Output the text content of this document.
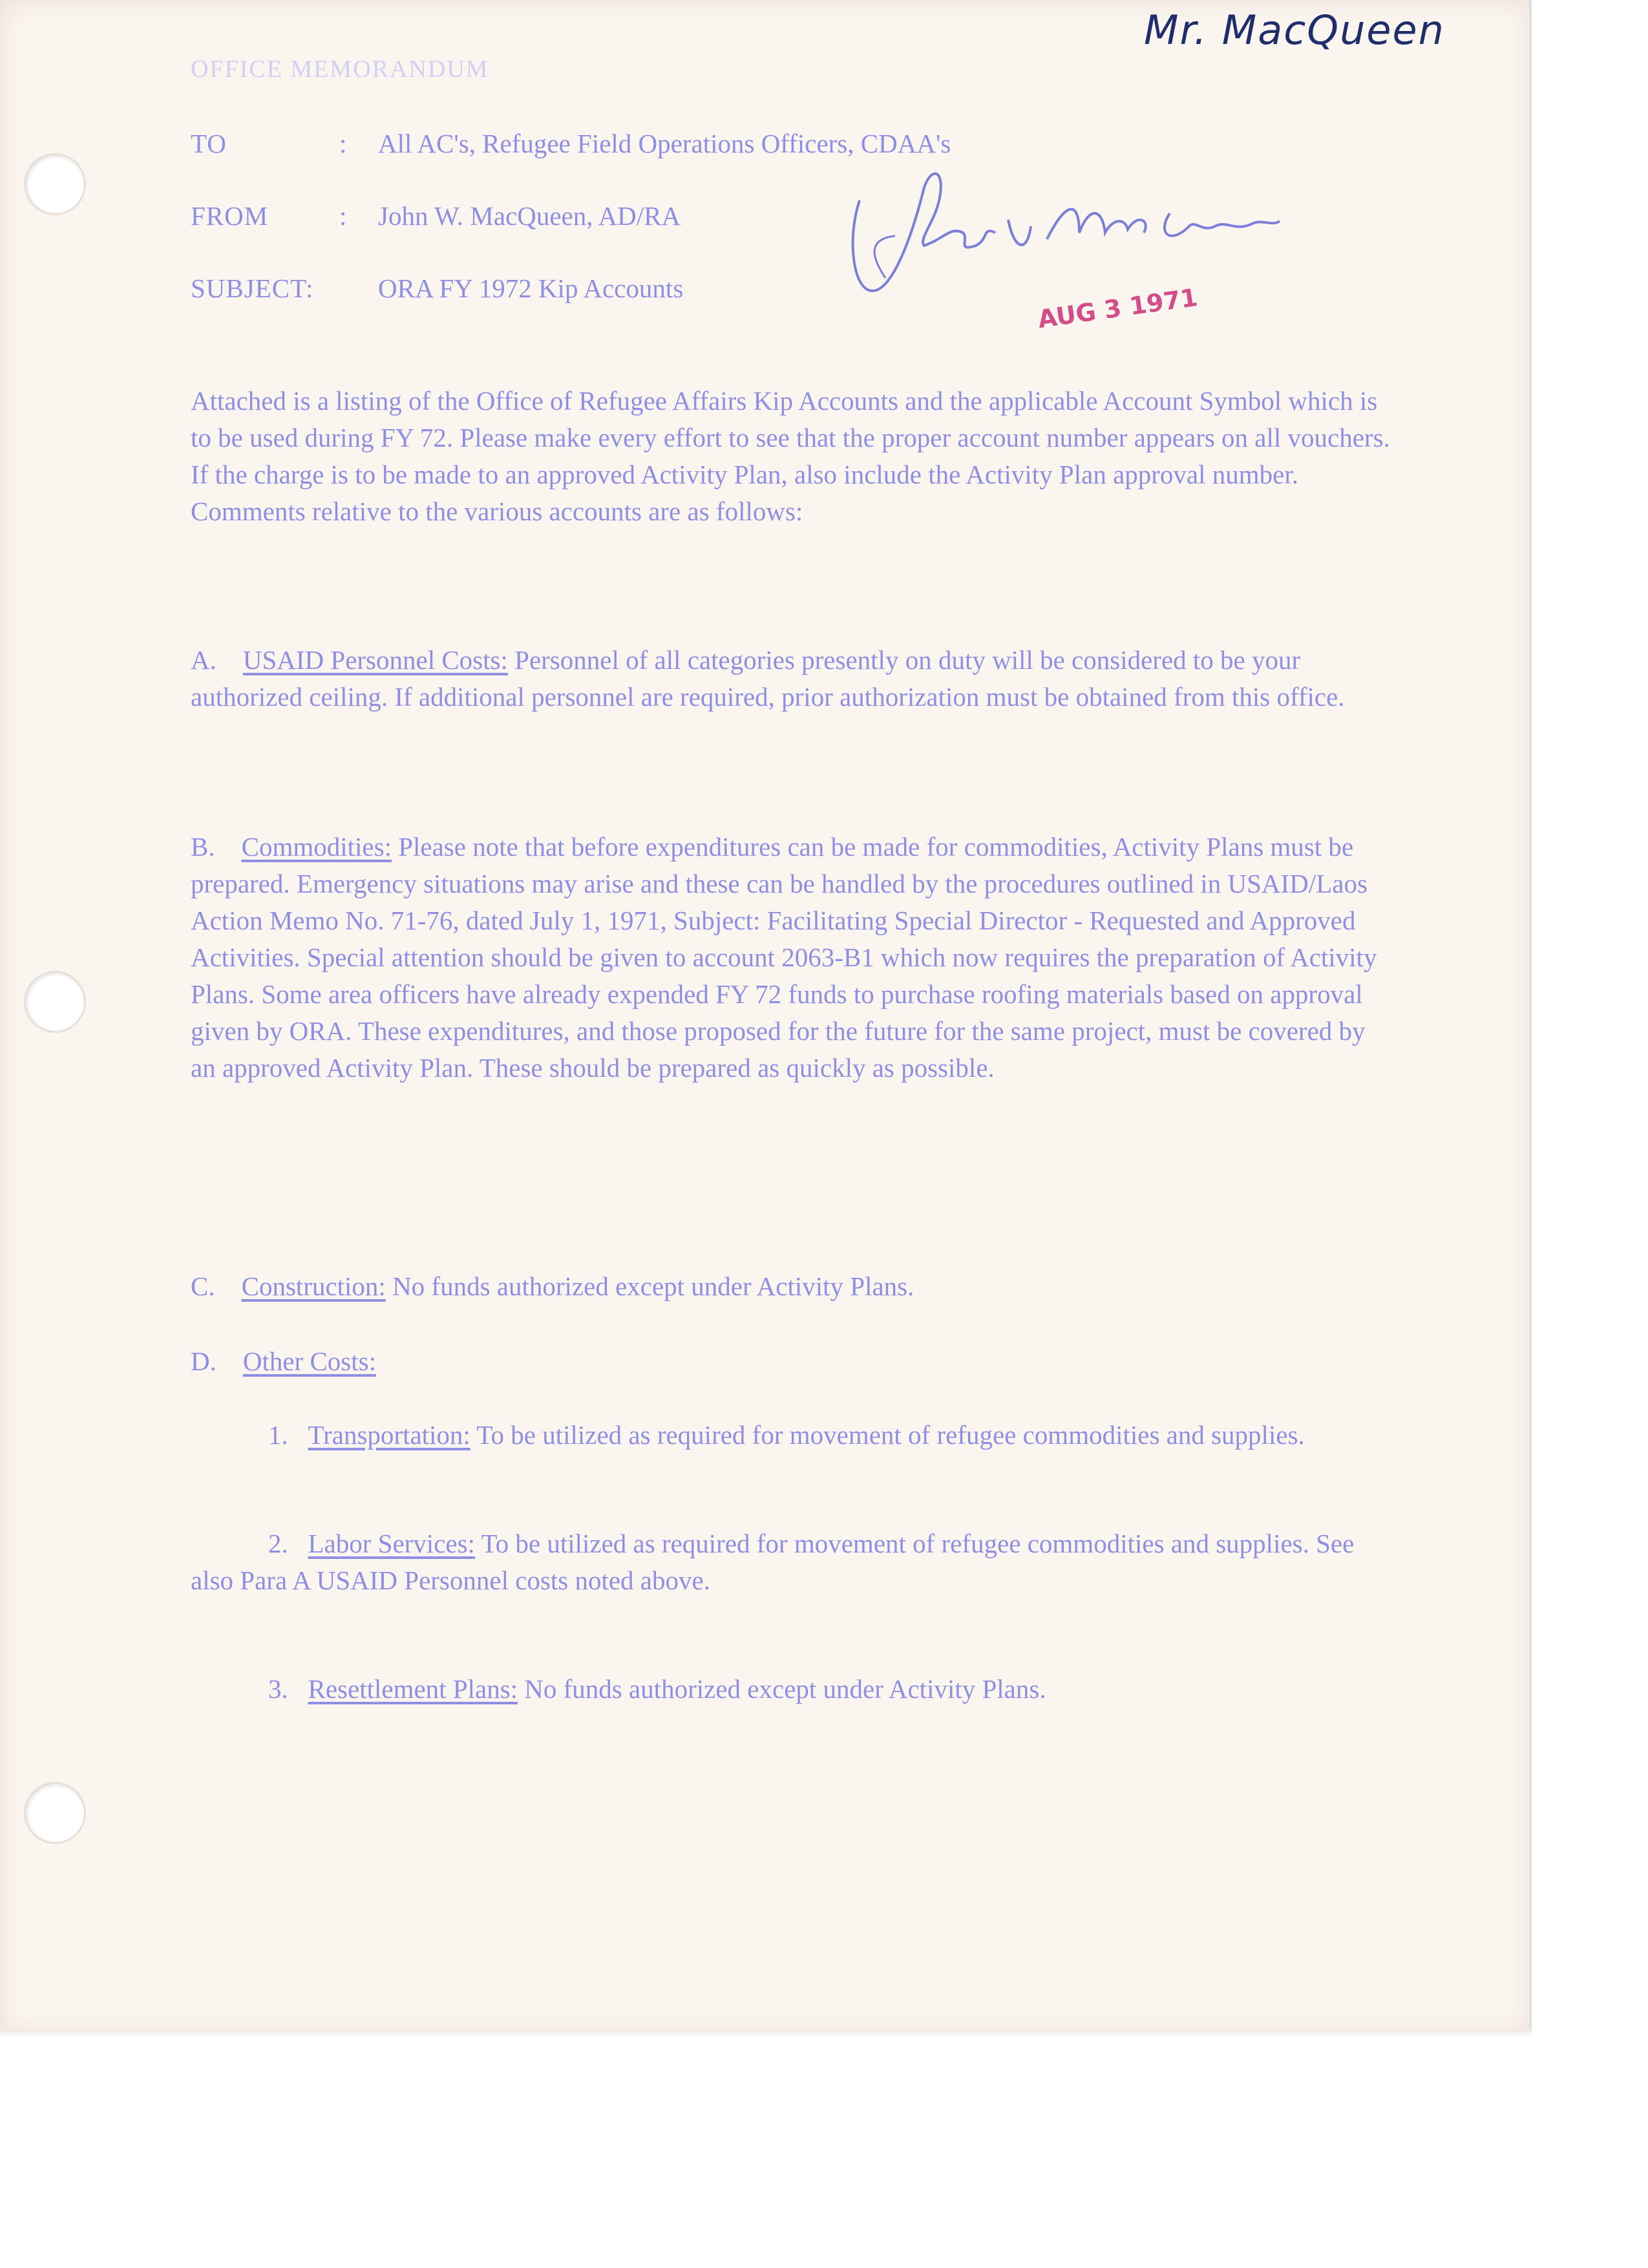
Mr. MacQueen
OFFICE MEMORANDUM
TO	: All AC's, Refugee Field Operations Officers, CDAA's
FROM	: John W. MacQueen, AD/RA
SUBJECT: ORA FY 1972 Kip Accounts	AUG 3 1971
Attached is a listing of the Office of Refugee Affairs Kip Accounts and the applicable Account Symbol which is to be used during FY 72. Please make every effort to see that the proper account number appears on all vouchers. If the charge is to be made to an approved Activity Plan, also include the Activity Plan approval number. Comments relative to the various accounts are as follows:
A. USAID Personnel Costs: Personnel of all categories presently on duty will be considered to be your authorized ceiling. If additional personnel are required, prior authorization must be obtained from this office.
B. Commodities: Please note that before expenditures can be made for commodities, Activity Plans must be prepared. Emergency situations may arise and these can be handled by the procedures outlined in USAID/Laos Action Memo No. 71-76, dated July 1, 1971, Subject: Facilitating Special Director - Requested and Approved Activities. Special attention should be given to account 2063-B1 which now requires the preparation of Activity Plans. Some area officers have already expended FY 72 funds to purchase roofing materials based on approval given by ORA. These expenditures, and those proposed for the future for the same project, must be covered by an approved Activity Plan. These should be prepared as quickly as possible.
C. Construction: No funds authorized except under Activity Plans.
D. Other Costs:
1. Transportation: To be utilized as required for movement of refugee commodities and supplies.
2. Labor Services: To be utilized as required for movement of refugee commodities and supplies. See also Para A USAID Personnel costs noted above.
3. Resettlement Plans: No funds authorized except under Activity Plans.
